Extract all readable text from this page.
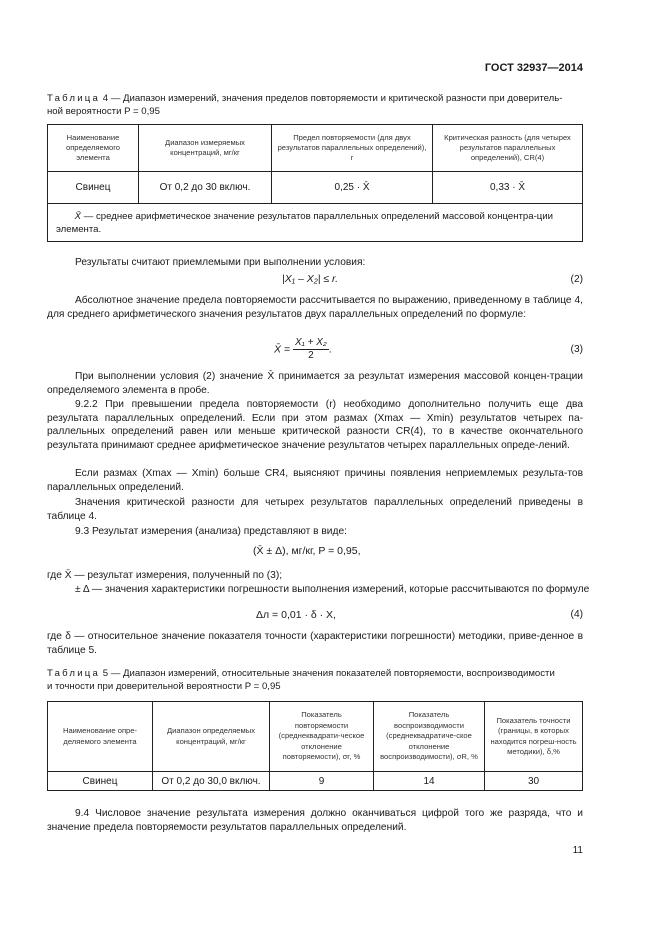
ГОСТ 32937—2014
Таблица 4 — Диапазон измерений, значения пределов повторяемости и критической разности при доверитель-
ной вероятности P = 0,95
Наименование определяемого элемента	Диапазон измеряемых концентраций, мг/кг	Предел повторяемости (для двух результатов параллельных определений), r	Критическая разность (для четырех результатов параллельных определений), CR(4)
Свинец	От 0,2 до 30 включ.	0,25 · X̄	0,33 · X̄
X̄ — среднее арифметическое значение результатов параллельных определений массовой концентра-ции элемента.			
Результаты считают приемлемыми при выполнении условия:
|X₁ – X₂| ≤ r.	(2)
Абсолютное значение предела повторяемости рассчитывается по выражению, приведенному в таблице 4, для среднего арифметического значения результатов двух параллельных определений по формуле:
X̄ = $\frac{\text{X₁ + X₂}}{2}$ .	(3)
При выполнении условия (2) значение X̄ принимается за результат измерения массовой концен-трации определяемого элемента в пробе.
9.2.2 При превышении предела повторяемости (r) необходимо дополнительно получить еще два результата параллельных определений. Если при этом размах (Xmax — Xmin) результатов четырех па-раллельных определений равен или меньше критической разности CR(4), то в качестве окончательного результата принимают среднее арифметическое значение результатов четырех параллельных опреде-лений.
Если размах (Xmax — Xmin) больше CR4, выясняют причины появления неприемлемых результа-тов параллельных определений.
Значения критической разности для четырех результатов параллельных определений приведены в таблице 4.
9.3 Результат измерения (анализа) представляют в виде:
(X̄ ± Δ), мг/кг, P = 0,95,
где X̄ — результат измерения, полученный по (3);
± Δ — значения характеристики погрешности выполнения измерений, которые рассчитываются по формуле
Δл = 0,01 · δ · X,	(4)
где δ — относительное значение показателя точности (характеристики погрешности) методики, приве-денное в таблице 5.
Таблица 5 — Диапазон измерений, относительные значения показателей повторяемости, воспроизводимости
и точности при доверительной вероятности P = 0,95
Наименование опре-деляемого элемента	Диапазон определяемых концентраций, мг/кг	Показатель повторяемости (среднеквадрати-ческое отклонение повторяемости), σr, %	Показатель воспроизводимости (среднеквадратиче-ское отклонение воспроизводимости), σR, %	Показатель точности (границы, в которых находится погреш-ность методики), δ,%
Свинец	От 0,2 до 30,0 включ.	9	14	30
9.4 Числовое значение результата измерения должно оканчиваться цифрой того же разряда, что и значение предела повторяемости результатов параллельных определений.
11
